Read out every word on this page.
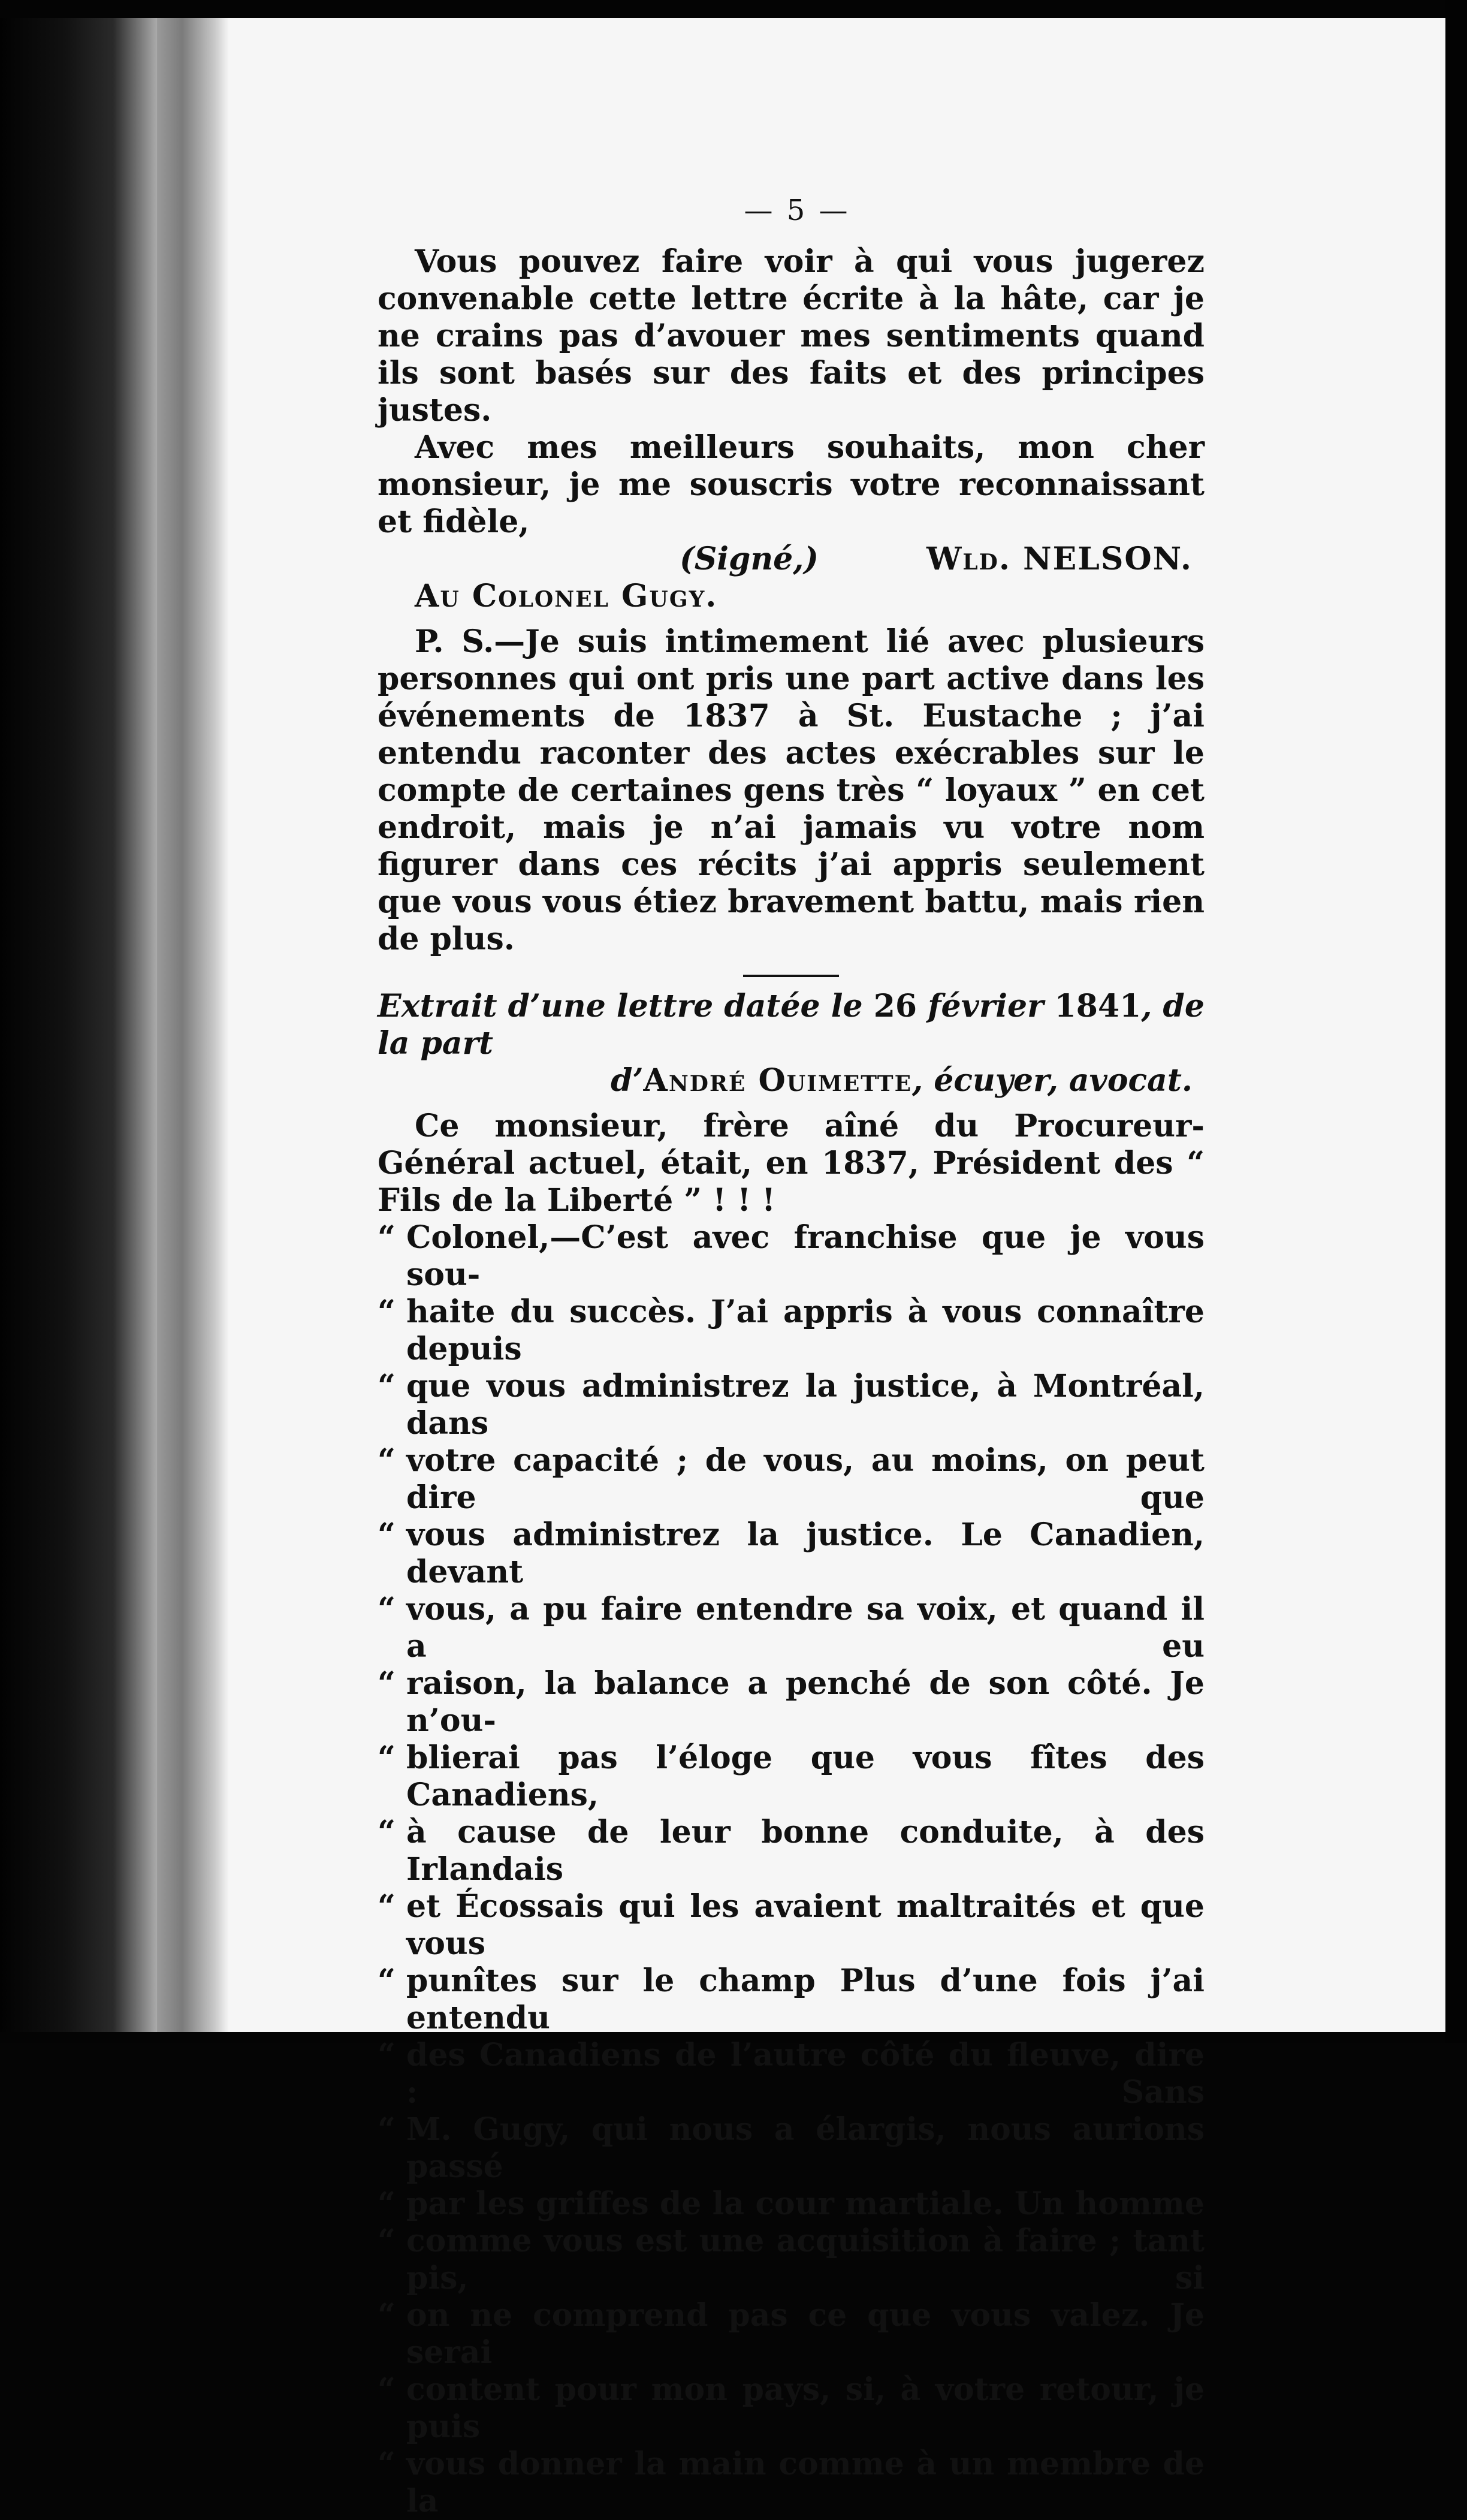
— 5 —

Vous pouvez faire voir à qui vous jugerez convenable cette lettre écrite à la hâte, car je ne crains pas d’avouer mes sentiments quand ils sont basés sur des faits et des principes justes.

Avec mes meilleurs souhaits, mon cher monsieur, je me souscris votre reconnaissant et fidèle,

(Signé,)	Wld. NELSON.
Au Colonel Gugy.

P. S.—Je suis intimement lié avec plusieurs personnes qui ont pris une part active dans les événements de 1837 à St. Eustache ; j’ai entendu raconter des actes exécrables sur le compte de certaines gens très “ loyaux ” en cet endroit, mais je n’ai jamais vu votre nom figurer dans ces récits j’ai appris seulement que vous vous étiez bravement battu, mais rien de plus.

Extrait d’une lettre datée le 26 février 1841, de la part
d’André Ouimette, écuyer, avocat.

Ce monsieur, frère aîné du Procureur-Général actuel, était, en 1837, Président des “ Fils de la Liberté ” ! ! !

“ Colonel,—C’est avec franchise que je vous sou-
“ haite du succès. J’ai appris à vous connaître depuis
“ que vous administrez la justice, à Montréal, dans
“ votre capacité ; de vous, au moins, on peut dire que
“ vous administrez la justice. Le Canadien, devant
“ vous, a pu faire entendre sa voix, et quand il a eu
“ raison, la balance a penché de son côté. Je n’ou-
“ blierai pas l’éloge que vous fîtes des Canadiens,
“ à cause de leur bonne conduite, à des Irlandais
“ et Écossais qui les avaient maltraités et que vous
“ punîtes sur le champ Plus d’une fois j’ai entendu
“ des Canadiens de l’autre côté du fleuve, dire : Sans
“ M. Gugy, qui nous a élargis, nous aurions passé
“ par les griffes de la cour martiale. Un homme
“ comme vous est une acquisition à faire ; tant pis, si
“ on ne comprend pas ce que vous valez. Je serai
“ content pour mon pays, si, à votre retour, je puis
“ vous donner la main comme à un membre de la
